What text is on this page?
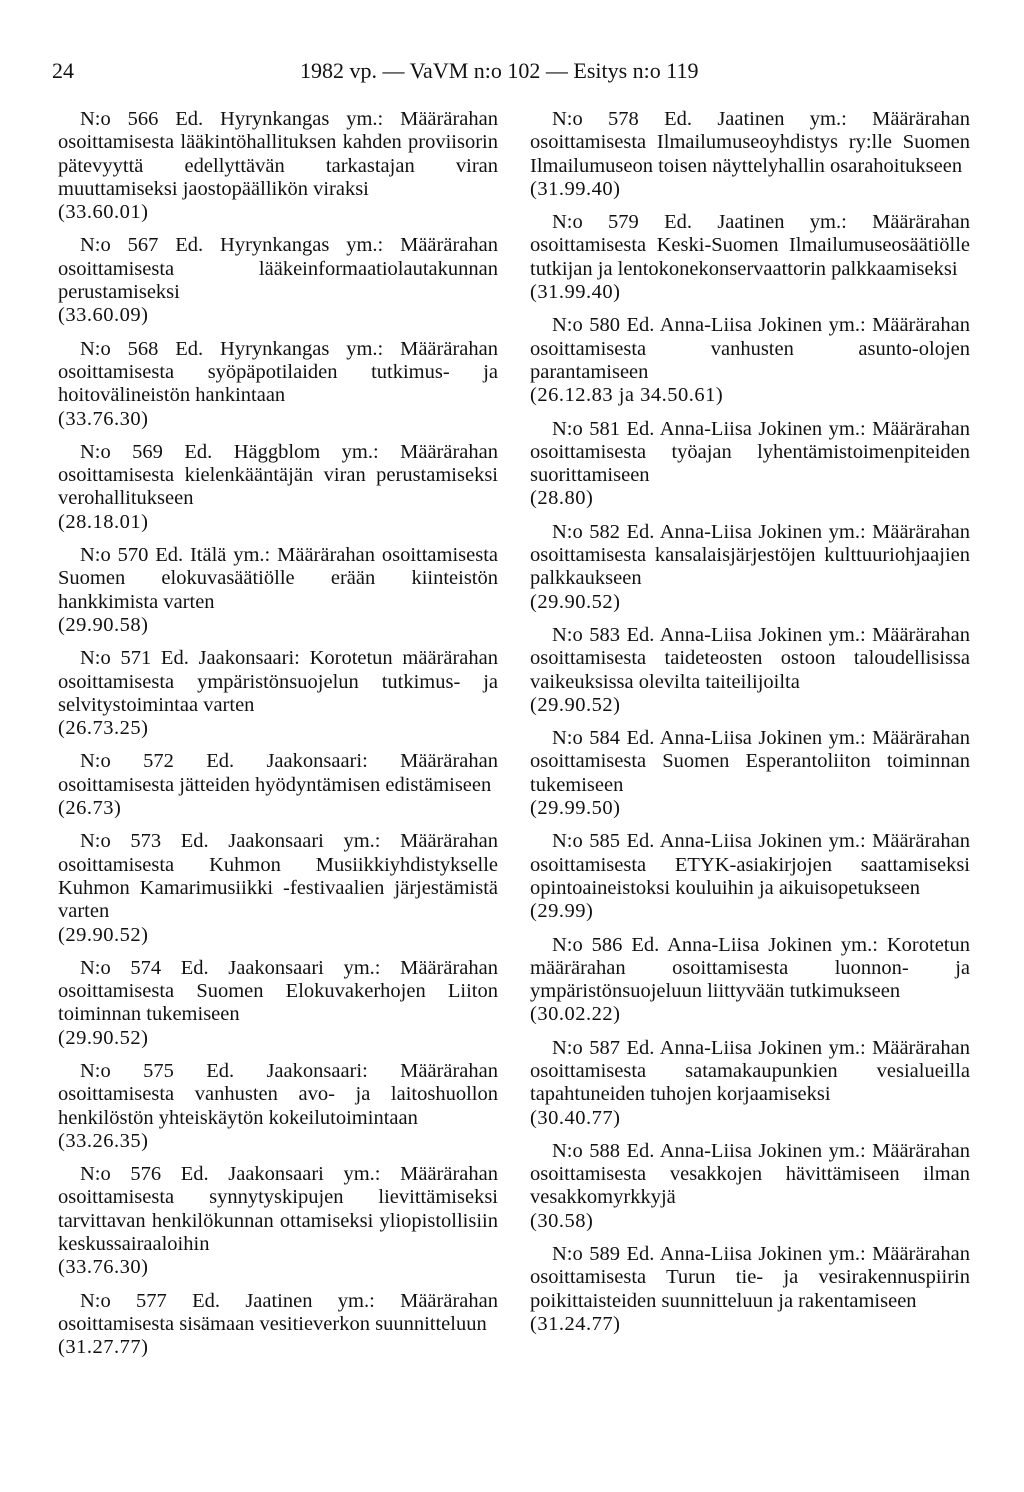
24	1982 vp. — VaVM n:o 102 — Esitys n:o 119

N:o 566 Ed. Hyrynkangas ym.: Määrärahan osoittamisesta lääkintöhallituksen kahden proviisorin pätevyyttä edellyttävän tarkastajan viran muuttamiseksi jaostopäällikön viraksi

(33.60.01)

N:o 567 Ed. Hyrynkangas ym.: Määrärahan osoittamisesta lääkeinformaatiolautakunnan perustamiseksi

(33.60.09)

N:o 568 Ed. Hyrynkangas ym.: Määrärahan osoittamisesta syöpäpotilaiden tutkimus- ja hoitovälineistön hankintaan

(33.76.30)

N:o 569 Ed. Häggblom ym.: Määrärahan osoittamisesta kielenkääntäjän viran perustamiseksi verohallitukseen

(28.18.01)

N:o 570 Ed. Itälä ym.: Määrärahan osoittamisesta Suomen elokuvasäätiölle erään kiinteistön hankkimista varten

(29.90.58)

N:o 571 Ed. Jaakonsaari: Korotetun määrärahan osoittamisesta ympäristönsuojelun tutkimus- ja selvitystoimintaa varten

(26.73.25)

N:o 572 Ed. Jaakonsaari: Määrärahan osoittamisesta jätteiden hyödyntämisen edistämiseen

(26.73)

N:o 573 Ed. Jaakonsaari ym.: Määrärahan osoittamisesta Kuhmon Musiikkiyhdistykselle Kuhmon Kamarimusiikki -festivaalien järjestämistä varten

(29.90.52)

N:o 574 Ed. Jaakonsaari ym.: Määrärahan osoittamisesta Suomen Elokuvakerhojen Liiton toiminnan tukemiseen

(29.90.52)

N:o 575 Ed. Jaakonsaari: Määrärahan osoittamisesta vanhusten avo- ja laitoshuollon henkilöstön yhteiskäytön kokeilutoimintaan

(33.26.35)

N:o 576 Ed. Jaakonsaari ym.: Määrärahan osoittamisesta synnytyskipujen lievittämiseksi tarvittavan henkilökunnan ottamiseksi yliopistollisiin keskussairaaloihin

(33.76.30)

N:o 577 Ed. Jaatinen ym.: Määrärahan osoittamisesta sisämaan vesitieverkon suunnitteluun

(31.27.77)

N:o 578 Ed. Jaatinen ym.: Määrärahan osoittamisesta Ilmailumuseoyhdistys ry:lle Suomen Ilmailumuseon toisen näyttelyhallin osarahoitukseen

(31.99.40)

N:o 579 Ed. Jaatinen ym.: Määrärahan osoittamisesta Keski-Suomen Ilmailumuseosäätiölle tutkijan ja lentokonekonservaattorin palkkaamiseksi

(31.99.40)

N:o 580 Ed. Anna-Liisa Jokinen ym.: Määrärahan osoittamisesta vanhusten asunto-olojen parantamiseen

(26.12.83 ja 34.50.61)

N:o 581 Ed. Anna-Liisa Jokinen ym.: Määrärahan osoittamisesta työajan lyhentämistoimenpiteiden suorittamiseen

(28.80)

N:o 582 Ed. Anna-Liisa Jokinen ym.: Määrärahan osoittamisesta kansalaisjärjestöjen kulttuuriohjaajien palkkaukseen

(29.90.52)

N:o 583 Ed. Anna-Liisa Jokinen ym.: Määrärahan osoittamisesta taideteosten ostoon taloudellisissa vaikeuksissa olevilta taiteilijoilta

(29.90.52)

N:o 584 Ed. Anna-Liisa Jokinen ym.: Määrärahan osoittamisesta Suomen Esperantoliiton toiminnan tukemiseen

(29.99.50)

N:o 585 Ed. Anna-Liisa Jokinen ym.: Määrärahan osoittamisesta ETYK-asiakirjojen saattamiseksi opintoaineistoksi kouluihin ja aikuisopetukseen

(29.99)

N:o 586 Ed. Anna-Liisa Jokinen ym.: Korotetun määrärahan osoittamisesta luonnon- ja ympäristönsuojeluun liittyvään tutkimukseen

(30.02.22)

N:o 587 Ed. Anna-Liisa Jokinen ym.: Määrärahan osoittamisesta satamakaupunkien vesialueilla tapahtuneiden tuhojen korjaamiseksi

(30.40.77)

N:o 588 Ed. Anna-Liisa Jokinen ym.: Määrärahan osoittamisesta vesakkojen hävittämiseen ilman vesakkomyrkkyjä

(30.58)

N:o 589 Ed. Anna-Liisa Jokinen ym.: Määrärahan osoittamisesta Turun tie- ja vesirakennuspiirin poikittaisteiden suunnitteluun ja rakentamiseen

(31.24.77)
